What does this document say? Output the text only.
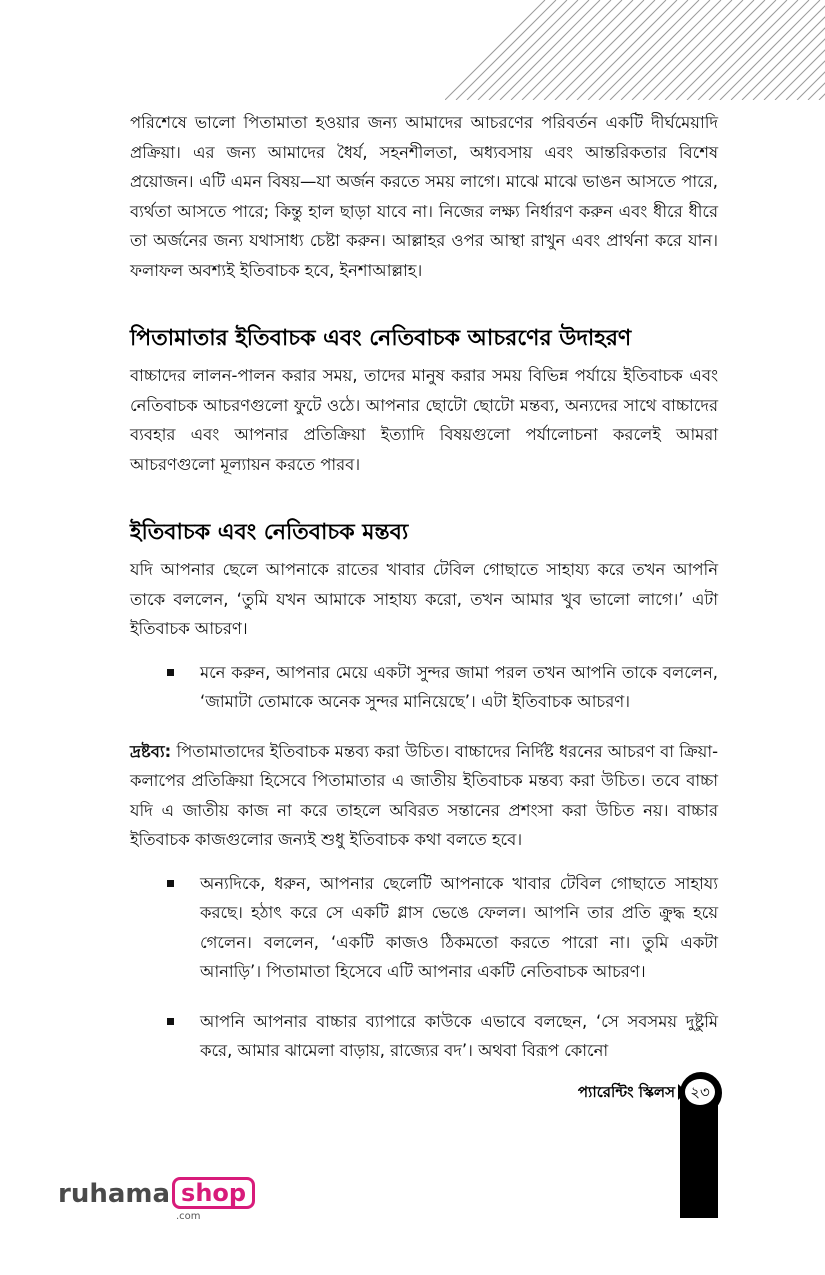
পরিশেষে ভালো পিতামাতা হওয়ার জন্য আমাদের আচরণের পরিবর্তন একটি দীর্ঘমেয়াদি প্রক্রিয়া। এর জন্য আমাদের ধৈর্য, সহনশীলতা, অধ্যবসায় এবং আন্তরিকতার বিশেষ প্রয়োজন। এটি এমন বিষয়—যা অর্জন করতে সময় লাগে। মাঝে মাঝে ভাঙন আসতে পারে, ব্যর্থতা আসতে পারে; কিন্তু হাল ছাড়া যাবে না। নিজের লক্ষ্য নির্ধারণ করুন এবং ধীরে ধীরে তা অর্জনের জন্য যথাসাধ্য চেষ্টা করুন। আল্লাহর ওপর আস্থা রাখুন এবং প্রার্থনা করে যান। ফলাফল অবশ্যই ইতিবাচক হবে, ইনশাআল্লাহ।

পিতামাতার ইতিবাচক এবং নেতিবাচক আচরণের উদাহরণ

বাচ্চাদের লালন-পালন করার সময়, তাদের মানুষ করার সময় বিভিন্ন পর্যায়ে ইতিবাচক এবং নেতিবাচক আচরণগুলো ফুটে ওঠে। আপনার ছোটো ছোটো মন্তব্য, অন্যদের সাথে বাচ্চাদের ব্যবহার এবং আপনার প্রতিক্রিয়া ইত্যাদি বিষয়গুলো পর্যালোচনা করলেই আমরা আচরণগুলো মূল্যায়ন করতে পারব।

ইতিবাচক এবং নেতিবাচক মন্তব্য

যদি আপনার ছেলে আপনাকে রাতের খাবার টেবিল গোছাতে সাহায্য করে তখন আপনি তাকে বললেন, ‘তুমি যখন আমাকে সাহায্য করো, তখন আমার খুব ভালো লাগে।’ এটা ইতিবাচক আচরণ।

মনে করুন, আপনার মেয়ে একটা সুন্দর জামা পরল তখন আপনি তাকে বললেন, ‘জামাটা তোমাকে অনেক সুন্দর মানিয়েছে’। এটা ইতিবাচক আচরণ।

দ্রষ্টব্য: পিতামাতাদের ইতিবাচক মন্তব্য করা উচিত। বাচ্চাদের নির্দিষ্ট ধরনের আচরণ বা ক্রিয়া-কলাপের প্রতিক্রিয়া হিসেবে পিতামাতার এ জাতীয় ইতিবাচক মন্তব্য করা উচিত। তবে বাচ্চা যদি এ জাতীয় কাজ না করে তাহলে অবিরত সন্তানের প্রশংসা করা উচিত নয়। বাচ্চার ইতিবাচক কাজগুলোর জন্যই শুধু ইতিবাচক কথা বলতে হবে।

অন্যদিকে, ধরুন, আপনার ছেলেটি আপনাকে খাবার টেবিল গোছাতে সাহায্য করছে। হঠাৎ করে সে একটি গ্লাস ভেঙে ফেলল। আপনি তার প্রতি ক্রুদ্ধ হয়ে গেলেন। বললেন, ‘একটি কাজও ঠিকমতো করতে পারো না। তুমি একটা আনাড়ি’। পিতামাতা হিসেবে এটি আপনার একটি নেতিবাচক আচরণ।
আপনি আপনার বাচ্চার ব্যাপারে কাউকে এভাবে বলছেন, ‘সে সবসময় দুষ্টুমি করে, আমার ঝামেলা বাড়ায়, রাজ্যের বদ’। অথবা বিরূপ কোনো
প্যারেন্টিং স্কিলস	২৩
ruhama shop
.com
